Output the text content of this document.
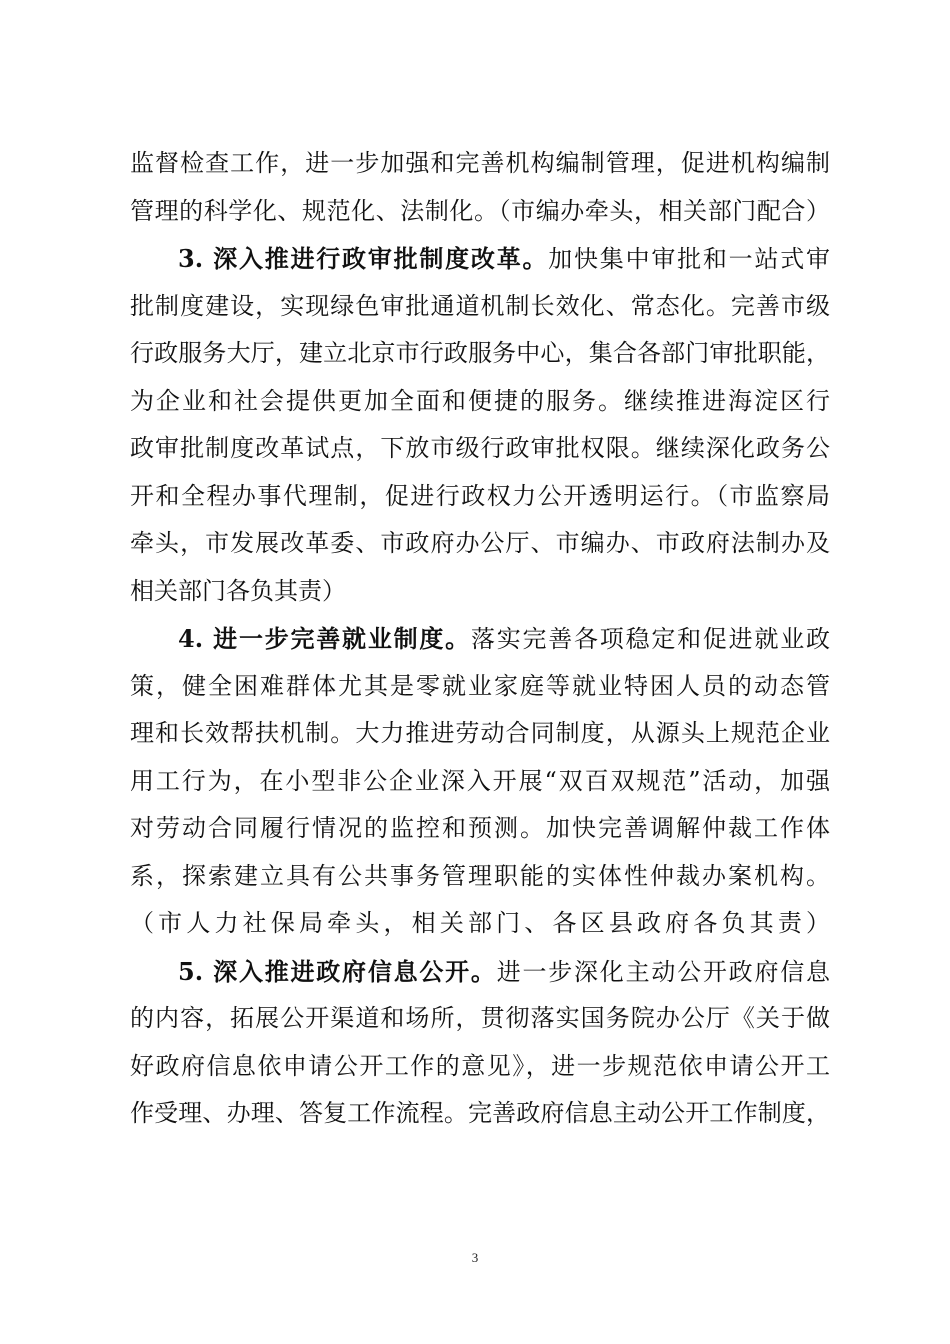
监督检查工作，进一步加强和完善机构编制管理，促进机构编制
管理的科学化、规范化、法制化。（市编办牵头，相关部门配合）
3. 深入推进行政审批制度改革。加快集中审批和一站式审
批制度建设，实现绿色审批通道机制长效化、常态化。完善市级
行政服务大厅，建立北京市行政服务中心，集合各部门审批职能，
为企业和社会提供更加全面和便捷的服务。继续推进海淀区行
政审批制度改革试点，下放市级行政审批权限。继续深化政务公
开和全程办事代理制，促进行政权力公开透明运行。（市监察局
牵头，市发展改革委、市政府办公厅、市编办、市政府法制办及
相关部门各负其责）
4. 进一步完善就业制度。落实完善各项稳定和促进就业政
策，健全困难群体尤其是零就业家庭等就业特困人员的动态管
理和长效帮扶机制。大力推进劳动合同制度，从源头上规范企业
用工行为，在小型非公企业深入开展“双百双规范”活动，加强
对劳动合同履行情况的监控和预测。加快完善调解仲裁工作体
系，探索建立具有公共事务管理职能的实体性仲裁办案机构。
（市人力社保局牵头，相关部门、各区县政府各负其责）
5. 深入推进政府信息公开。进一步深化主动公开政府信息
的内容，拓展公开渠道和场所，贯彻落实国务院办公厅《关于做
好政府信息依申请公开工作的意见》，进一步规范依申请公开工
作受理、办理、答复工作流程。完善政府信息主动公开工作制度，
3
